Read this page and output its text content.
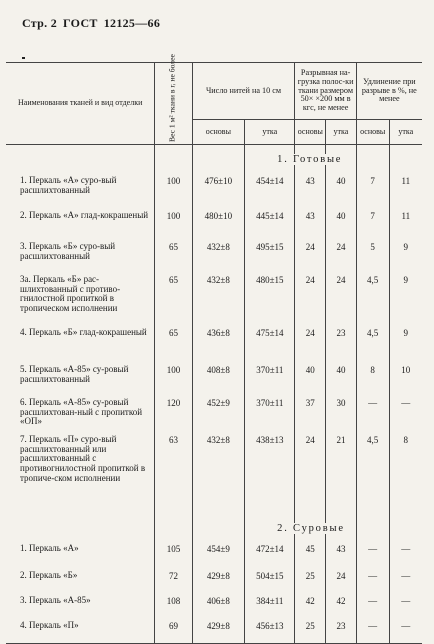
Стр. 2 ГОСТ 12125—66
Наименования тканей и вид отделки	Вес 1 м² ткани в г, не более	Число нитей на 10 см		Разрывная на-грузка полос-ки ткани размером 50× ×200 мм в кгс, не менее		Удлинение при разрыве в %, не менее	
		основы	утка	основы	утка	основы	утка

			1. Готовые				

1. Перкаль «А» суро-вый расшлихтованный	100	476±10	454±14	43	40	7	11
2. Перкаль «А» глад-кокрашеный	100	480±10	445±14	43	40	7	11
3. Перкаль «Б» суро-вый расшлихтованный	65	432±8	495±15	24	24	5	9
3а. Перкаль «Б» рас-шлихтованный с противо-гнилостной пропиткой в тропическом исполнении	65	432±8	480±15	24	24	4,5	9
4. Перкаль «Б» глад-кокрашеный	65	436±8	475±14	24	23	4,5	9
5. Перкаль «А-85» су-ровый расшлихтованный	100	408±8	370±11	40	40	8	10
6. Перкаль «А-85» су-ровый расшлихтован-ный с пропиткой «ОП»	120	452±9	370±11	37	30	—	—
7. Перкаль «П» суро-вый расшлихтованный или расшлихтованный с противогнилостной пропиткой в тропиче-ском исполнении	63	432±8	438±13	24	21	4,5	8

			2. Суровые				

1. Перкаль «А»	105	454±9	472±14	45	43	—	—
2. Перкаль «Б»	72	429±8	504±15	25	24	—	—
3. Перкаль «А-85»	108	406±8	384±11	42	42	—	—
4. Перкаль «П»	69	429±8	456±13	25	23	—	—
